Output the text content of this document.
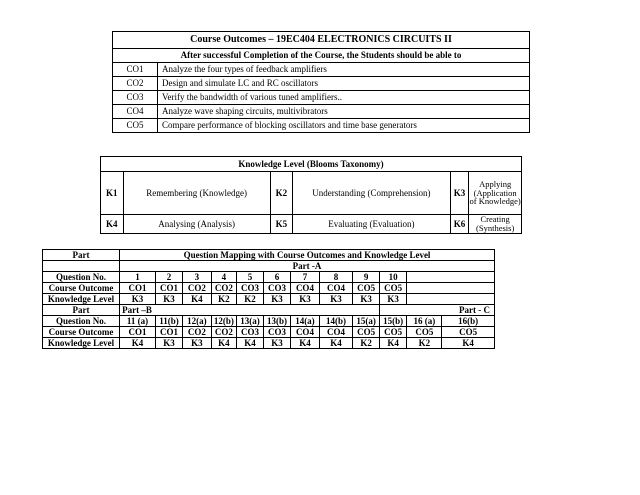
Course Outcomes – 19EC404 ELECTRONICS CIRCUITS II	
After successful Completion of the Course, the Students should be able to	
CO1	Analyze the four types of feedback amplifiers
CO2	Design and simulate LC and RC oscillators
CO3	Verify the bandwidth of various tuned amplifiers..
CO4	Analyze wave shaping circuits, multivibrators
CO5	Compare performance of blocking oscillators and time base generators
Knowledge Level (Blooms Taxonomy)					
K1	Remembering (Knowledge)	K2	Understanding (Comprehension)	K3	Applying (Application of Knowledge)
K4	Analysing (Analysis)	K5	Evaluating (Evaluation)	K6	Creating (Synthesis)
Part	Question Mapping with Course Outcomes and Knowledge Level											
	Part -A											
Question No.	1	2	3	4	5	6	7	8	9	10		
Course Outcome	CO1	CO1	CO2	CO2	CO3	CO3	CO4	CO4	CO5	CO5		
Knowledge Level	K3	K3	K4	K2	K2	K3	K3	K3	K3	K3		
Part	Part –B									Part - C		
Question No.	11 (a)	11(b)	12(a)	12(b)	13(a)	13(b)	14(a)	14(b)	15(a)	15(b)	16 (a)	16(b)
Course Outcome	CO1	CO1	CO2	CO2	CO3	CO3	CO4	CO4	CO5	CO5	CO5	CO5
Knowledge Level	K4	K3	K3	K4	K4	K3	K4	K4	K2	K4	K2	K4
